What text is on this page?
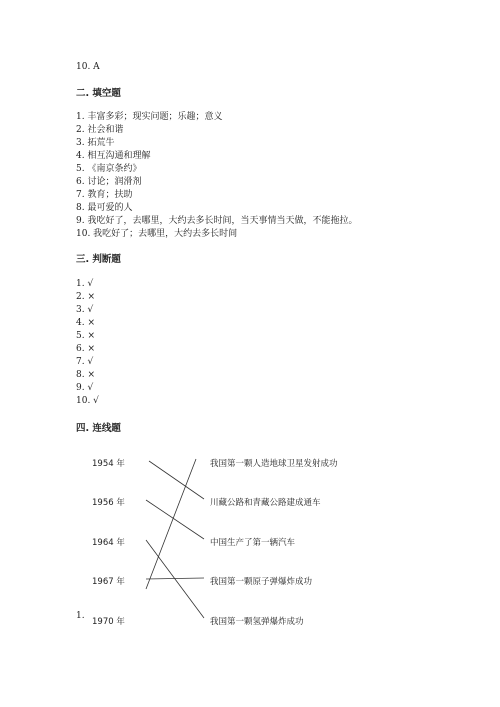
10. A
二. 填空题
1. 丰富多彩；现实问题；乐趣；意义
2. 社会和谐
3. 拓荒牛
4. 相互沟通和理解
5. 《南京条约》
6. 讨论；润滑剂
7. 教育；扶助
8. 最可爱的人
9. 我吃好了，去哪里，大约去多长时间，当天事情当天做，不能拖拉。
10. 我吃好了；去哪里，大约去多长时间
三. 判断题
1. √
2. ×
3. √
4. ×
5. ×
6. ×
7. √
8. ×
9. √
10. √
四. 连线题
1.
1954 年
1956 年
1964 年
1967 年
1970 年
我国第一颗人造地球卫星发射成功
川藏公路和青藏公路建成通车
中国生产了第一辆汽车
我国第一颗原子弹爆炸成功
我国第一颗氢弹爆炸成功
